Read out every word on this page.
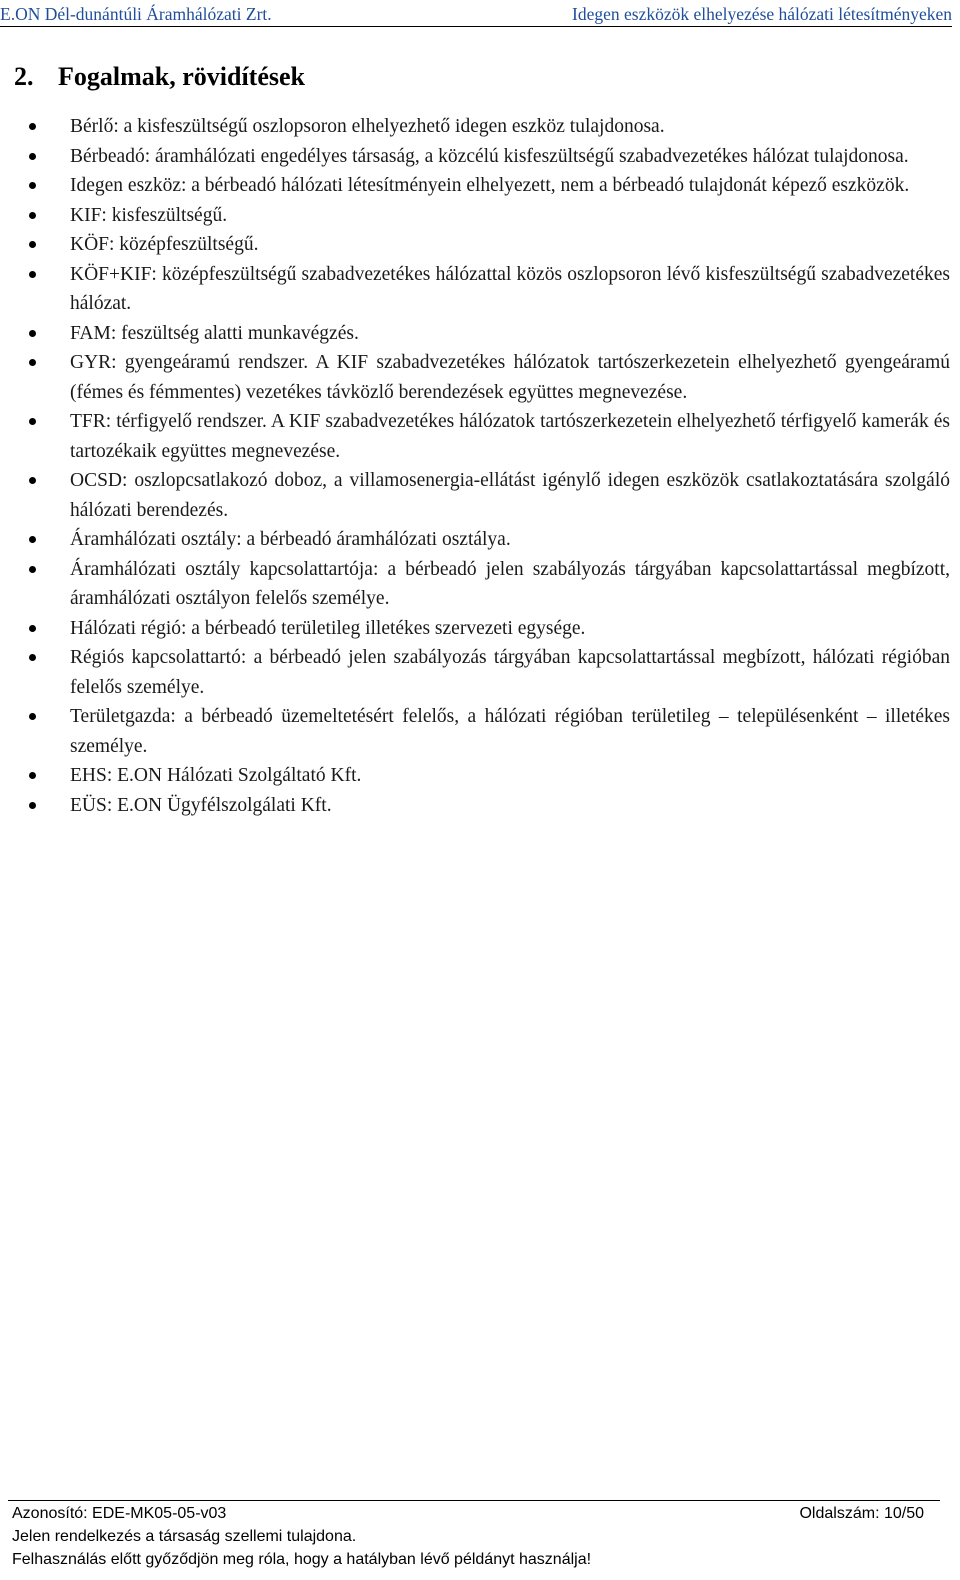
E.ON Dél-dunántúli Áramhálózati Zrt.	Idegen eszközök elhelyezése hálózati létesítményeken
2. Fogalmak, rövidítések
Bérlő: a kisfeszültségű oszlopsoron elhelyezhető idegen eszköz tulajdonosa.
Bérbeadó: áramhálózati engedélyes társaság, a közcélú kisfeszültségű szabadvezetékes hálózat tulajdonosa.
Idegen eszköz: a bérbeadó hálózati létesítményein elhelyezett, nem a bérbeadó tulajdonát képező eszközök.
KIF: kisfeszültségű.
KÖF: középfeszültségű.
KÖF+KIF: középfeszültségű szabadvezetékes hálózattal közös oszlopsoron lévő kisfeszültségű szabadvezetékes hálózat.
FAM: feszültség alatti munkavégzés.
GYR: gyengeáramú rendszer. A KIF szabadvezetékes hálózatok tartószerkezetein elhelyezhető gyengeáramú (fémes és fémmentes) vezetékes távközlő berendezések együttes megnevezése.
TFR: térfigyelő rendszer. A KIF szabadvezetékes hálózatok tartószerkezetein elhelyezhető térfigyelő kamerák és tartozékaik együttes megnevezése.
OCSD: oszlopcsatlakozó doboz, a villamosenergia-ellátást igénylő idegen eszközök csatlakoztatására szolgáló hálózati berendezés.
Áramhálózati osztály: a bérbeadó áramhálózati osztálya.
Áramhálózati osztály kapcsolattartója: a bérbeadó jelen szabályozás tárgyában kapcsolattartással megbízott, áramhálózati osztályon felelős személye.
Hálózati régió: a bérbeadó területileg illetékes szervezeti egysége.
Régiós kapcsolattartó: a bérbeadó jelen szabályozás tárgyában kapcsolattartással megbízott, hálózati régióban felelős személye.
Területgazda: a bérbeadó üzemeltetésért felelős, a hálózati régióban területileg – településenként – illetékes személye.
EHS: E.ON Hálózati Szolgáltató Kft.
EÜS: E.ON Ügyfélszolgálati Kft.
Azonosító: EDE-MK05-05-v03	Oldalszám: 10/50
Jelen rendelkezés a társaság szellemi tulajdona.
Felhasználás előtt győződjön meg róla, hogy a hatályban lévő példányt használja!
